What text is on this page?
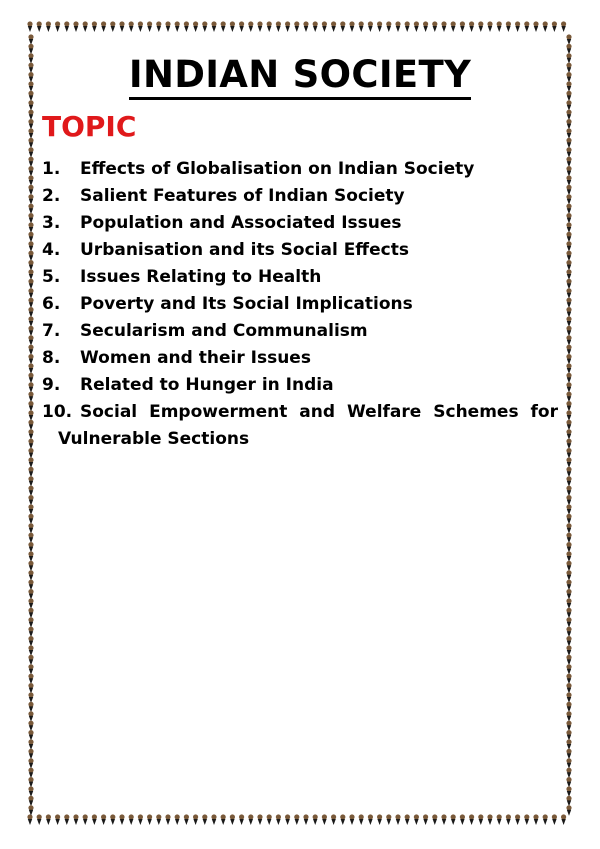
INDIAN SOCIETY
TOPIC
1.	Effects of Globalisation on Indian Society
2.	Salient Features of Indian Society
3.	Population and Associated Issues
4.	Urbanisation and its Social Effects
5.	Issues Relating to Health
6.	Poverty and Its Social Implications
7.	Secularism and Communalism
8.	Women and their Issues
9.	Related to Hunger in India
10. Social Empowerment and Welfare Schemes for
Vulnerable Sections
